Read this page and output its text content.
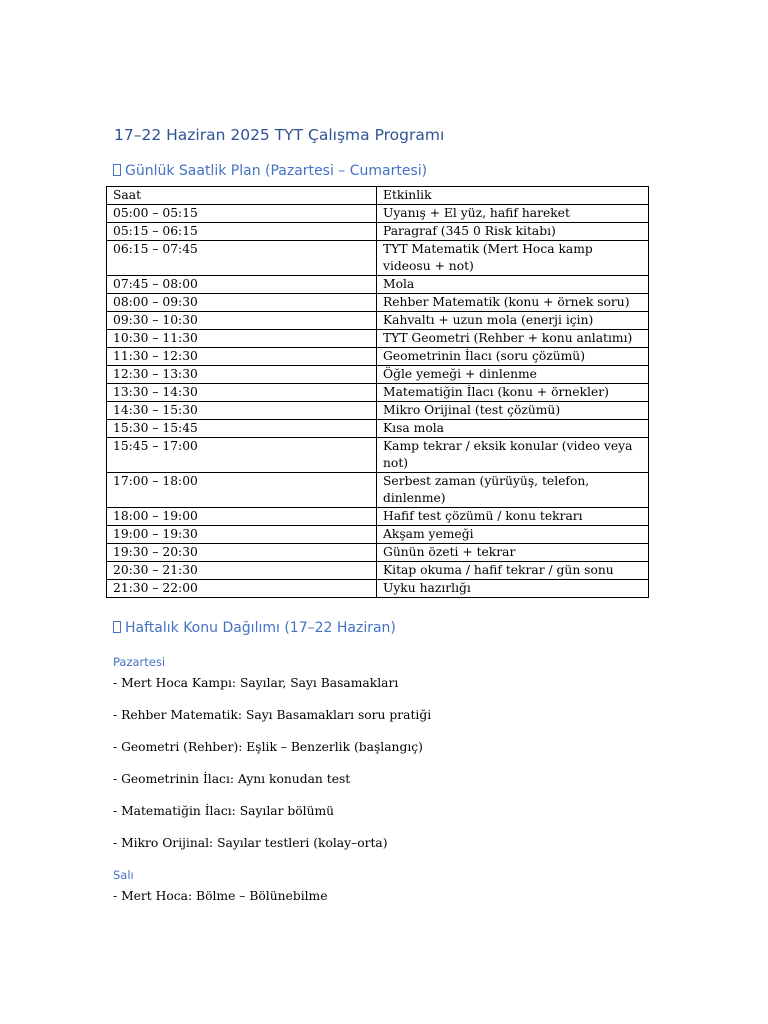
17–22 Haziran 2025 TYT Çalışma Programı
Günlük Saatlik Plan (Pazartesi – Cumartesi)
Saat	Etkinlik
05:00 – 05:15	Uyanış + El yüz, hafif hareket
05:15 – 06:15	Paragraf (345 0 Risk kitabı)
06:15 – 07:45	TYT Matematik (Mert Hoca kamp videosu + not)
07:45 – 08:00	Mola
08:00 – 09:30	Rehber Matematik (konu + örnek soru)
09:30 – 10:30	Kahvaltı + uzun mola (enerji için)
10:30 – 11:30	TYT Geometri (Rehber + konu anlatımı)
11:30 – 12:30	Geometrinin İlacı (soru çözümü)
12:30 – 13:30	Öğle yemeği + dinlenme
13:30 – 14:30	Matematiğin İlacı (konu + örnekler)
14:30 – 15:30	Mikro Orijinal (test çözümü)
15:30 – 15:45	Kısa mola
15:45 – 17:00	Kamp tekrar / eksik konular (video veya not)
17:00 – 18:00	Serbest zaman (yürüyüş, telefon, dinlenme)
18:00 – 19:00	Hafif test çözümü / konu tekrarı
19:00 – 19:30	Akşam yemeği
19:30 – 20:30	Günün özeti + tekrar
20:30 – 21:30	Kitap okuma / hafif tekrar / gün sonu
21:30 – 22:00	Uyku hazırlığı
Haftalık Konu Dağılımı (17–22 Haziran)
Pazartesi

- Mert Hoca Kampı: Sayılar, Sayı Basamakları

- Rehber Matematik: Sayı Basamakları soru pratiği

- Geometri (Rehber): Eşlik – Benzerlik (başlangıç)

- Geometrinin İlacı: Aynı konudan test

- Matematiğin İlacı: Sayılar bölümü

- Mikro Orijinal: Sayılar testleri (kolay–orta)

Salı

- Mert Hoca: Bölme – Bölünebilme
